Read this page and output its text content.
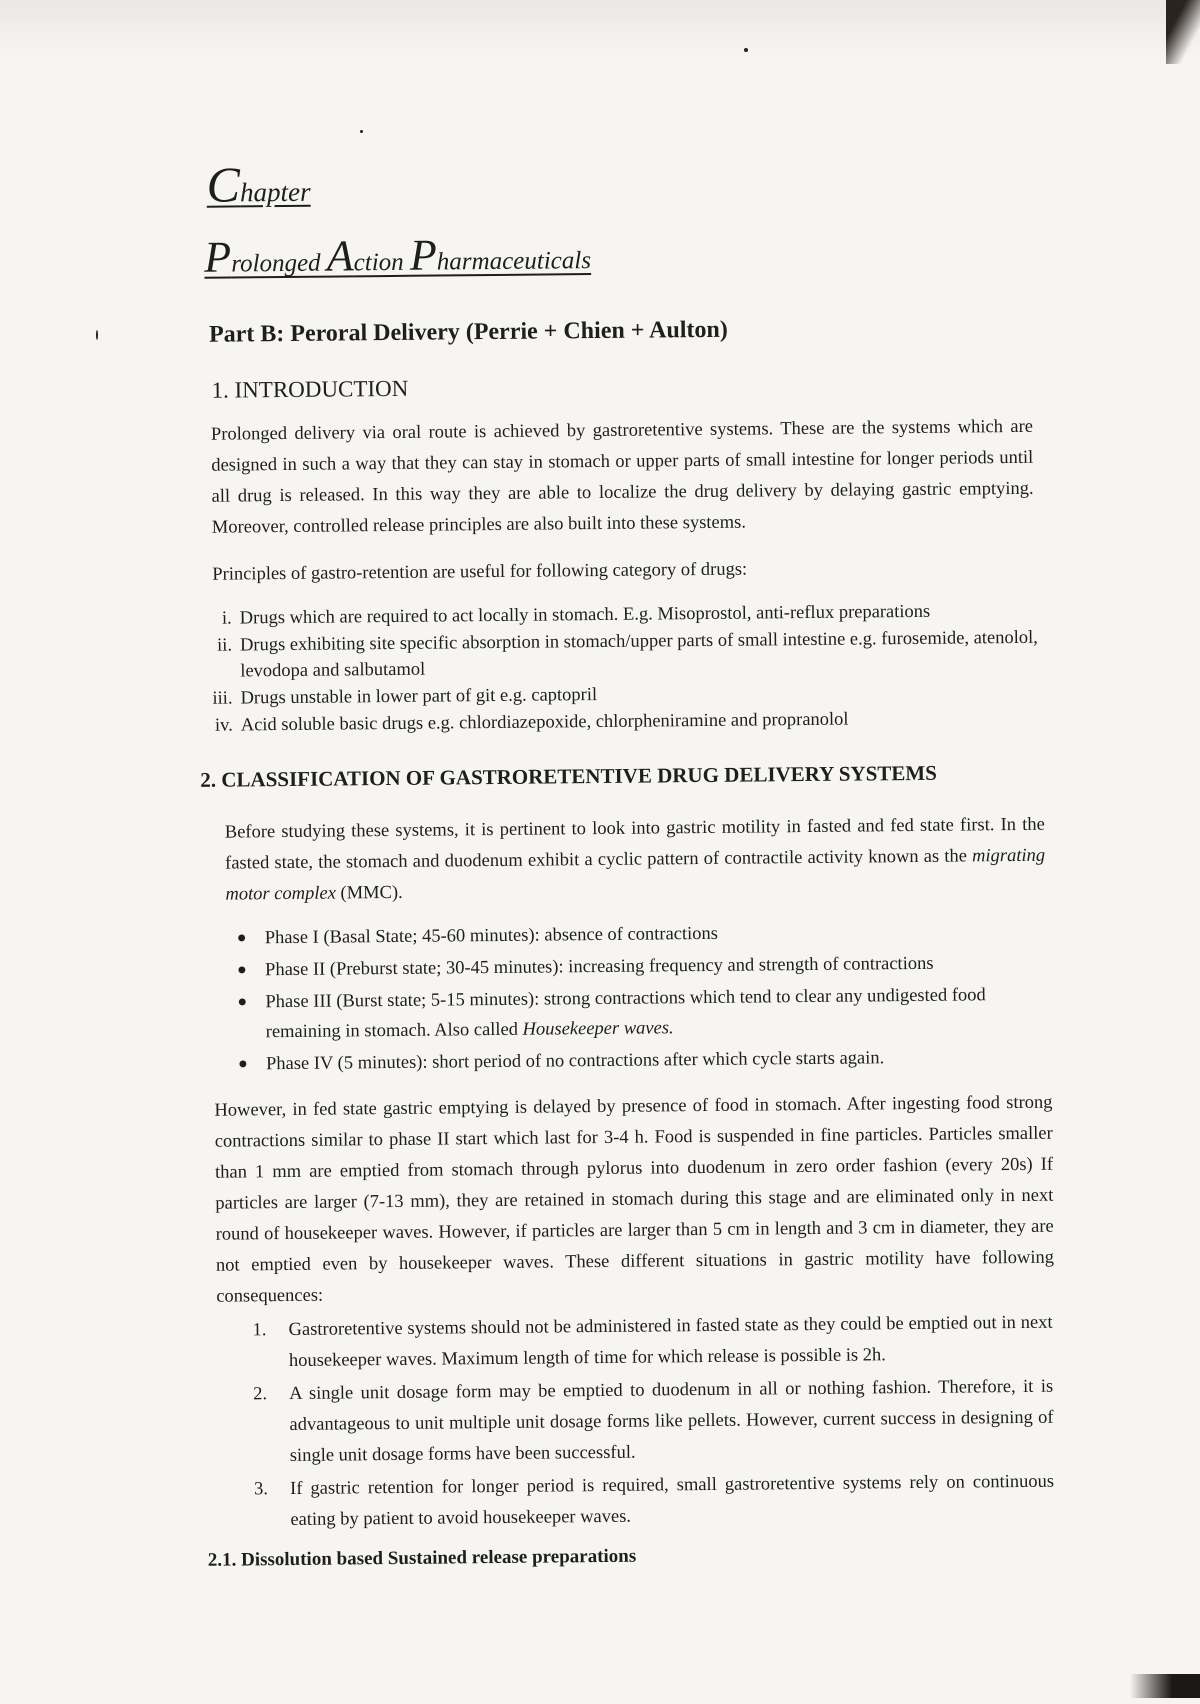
Chapter
Prolonged Action Pharmaceuticals
Part B: Peroral Delivery (Perrie + Chien + Aulton)
1. INTRODUCTION
Prolonged delivery via oral route is achieved by gastroretentive systems. These are the systems which are designed in such a way that they can stay in stomach or upper parts of small intestine for longer periods until all drug is released. In this way they are able to localize the drug delivery by delaying gastric emptying. Moreover, controlled release principles are also built into these systems.
Principles of gastro-retention are useful for following category of drugs:
i. Drugs which are required to act locally in stomach. E.g. Misoprostol, anti-reflux preparations
ii. Drugs exhibiting site specific absorption in stomach/upper parts of small intestine e.g. furosemide, atenolol, levodopa and salbutamol
iii. Drugs unstable in lower part of git e.g. captopril
iv. Acid soluble basic drugs e.g. chlordiazepoxide, chlorpheniramine and propranolol
2. CLASSIFICATION OF GASTRORETENTIVE DRUG DELIVERY SYSTEMS
Before studying these systems, it is pertinent to look into gastric motility in fasted and fed state first. In the fasted state, the stomach and duodenum exhibit a cyclic pattern of contractile activity known as the migrating motor complex (MMC).
● Phase I (Basal State; 45-60 minutes): absence of contractions
● Phase II (Preburst state; 30-45 minutes): increasing frequency and strength of contractions
● Phase III (Burst state; 5-15 minutes): strong contractions which tend to clear any undigested food remaining in stomach. Also called Housekeeper waves.
● Phase IV (5 minutes): short period of no contractions after which cycle starts again.
However, in fed state gastric emptying is delayed by presence of food in stomach. After ingesting food strong contractions similar to phase II start which last for 3-4 h. Food is suspended in fine particles. Particles smaller than 1 mm are emptied from stomach through pylorus into duodenum in zero order fashion (every 20s) If particles are larger (7-13 mm), they are retained in stomach during this stage and are eliminated only in next round of housekeeper waves. However, if particles are larger than 5 cm in length and 3 cm in diameter, they are not emptied even by housekeeper waves. These different situations in gastric motility have following consequences:
1. Gastroretentive systems should not be administered in fasted state as they could be emptied out in next housekeeper waves. Maximum length of time for which release is possible is 2h.
2. A single unit dosage form may be emptied to duodenum in all or nothing fashion. Therefore, it is advantageous to unit multiple unit dosage forms like pellets. However, current success in designing of single unit dosage forms have been successful.
3. If gastric retention for longer period is required, small gastroretentive systems rely on continuous eating by patient to avoid housekeeper waves.
2.1. Dissolution based Sustained release preparations
